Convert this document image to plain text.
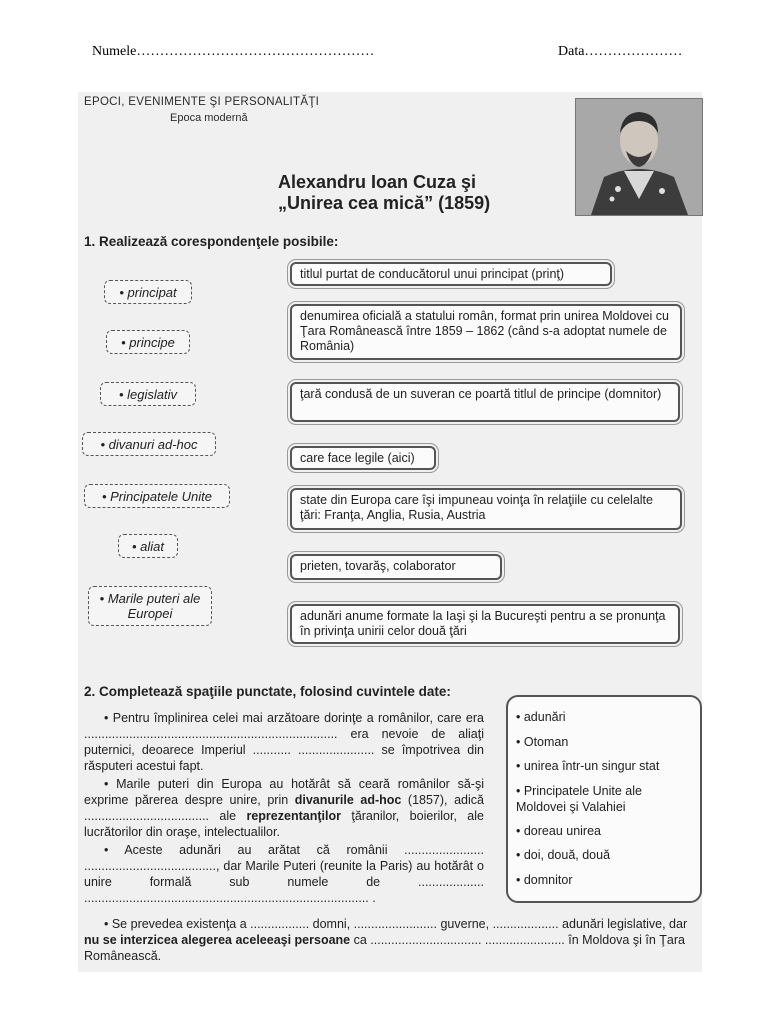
Numele……………………………………………	Data…………………
EPOCI, EVENIMENTE ŞI PERSONALITĂŢI
Epoca modernă
Alexandru Ioan Cuza şi
„Unirea cea mică” (1859)
1. Realizează corespondenţele posibile:
• principat
• principe
• legislativ
• divanuri ad-hoc
• Principatele Unite
• aliat
• Marile puteri ale Europei
titlul purtat de conducătorul unui principat (prinţ)
denumirea oficială a statului român, format prin unirea Moldovei cu Ţara Românească între 1859 – 1862 (când s-a adoptat numele de România)
ţară condusă de un suveran ce poartă titlul de principe (domnitor)
care face legile (aici)
state din Europa care îşi impuneau voinţa în relaţiile cu celelalte ţări: Franţa, Anglia, Rusia, Austria
prieten, tovarăş, colaborator
adunări anume formate la Iaşi şi la Bucureşti pentru a se pronunţa în privinţa unirii celor două ţări
2. Completează spaţiile punctate, folosind cuvintele date:
• Pentru împlinirea celei mai arzătoare dorinţe a românilor, care era ......................................................................... era nevoie de aliaţi puternici, deoarece Imperiul ........... ...................... se împotrivea din răsputeri acestui fapt.
• Marile puteri din Europa au hotărât să ceară românilor să-şi exprime părerea despre unire, prin divanurile ad-hoc (1857), adică .................................... ale reprezentanţilor ţăranilor, boierilor, ale lucrătorilor din oraşe, intelectualilor.
• Aceste adunări au arătat că românii ....................... ......................................, dar Marile Puteri (reunite la Paris) au hotărât o unire formală sub numele de ................... .................................................................................. .
• adunări
• Otoman
• unirea într-un singur stat
• Principatele Unite ale Moldovei şi Valahiei
• doreau unirea
• doi, două, două
• domnitor
• Se prevedea existenţa a ................. domni, ........................ guverne, ................... adunări legislative, dar nu se interzicea alegerea aceleeaşi persoane ca ................................ ....................... în Moldova şi în Ţara Românească.
